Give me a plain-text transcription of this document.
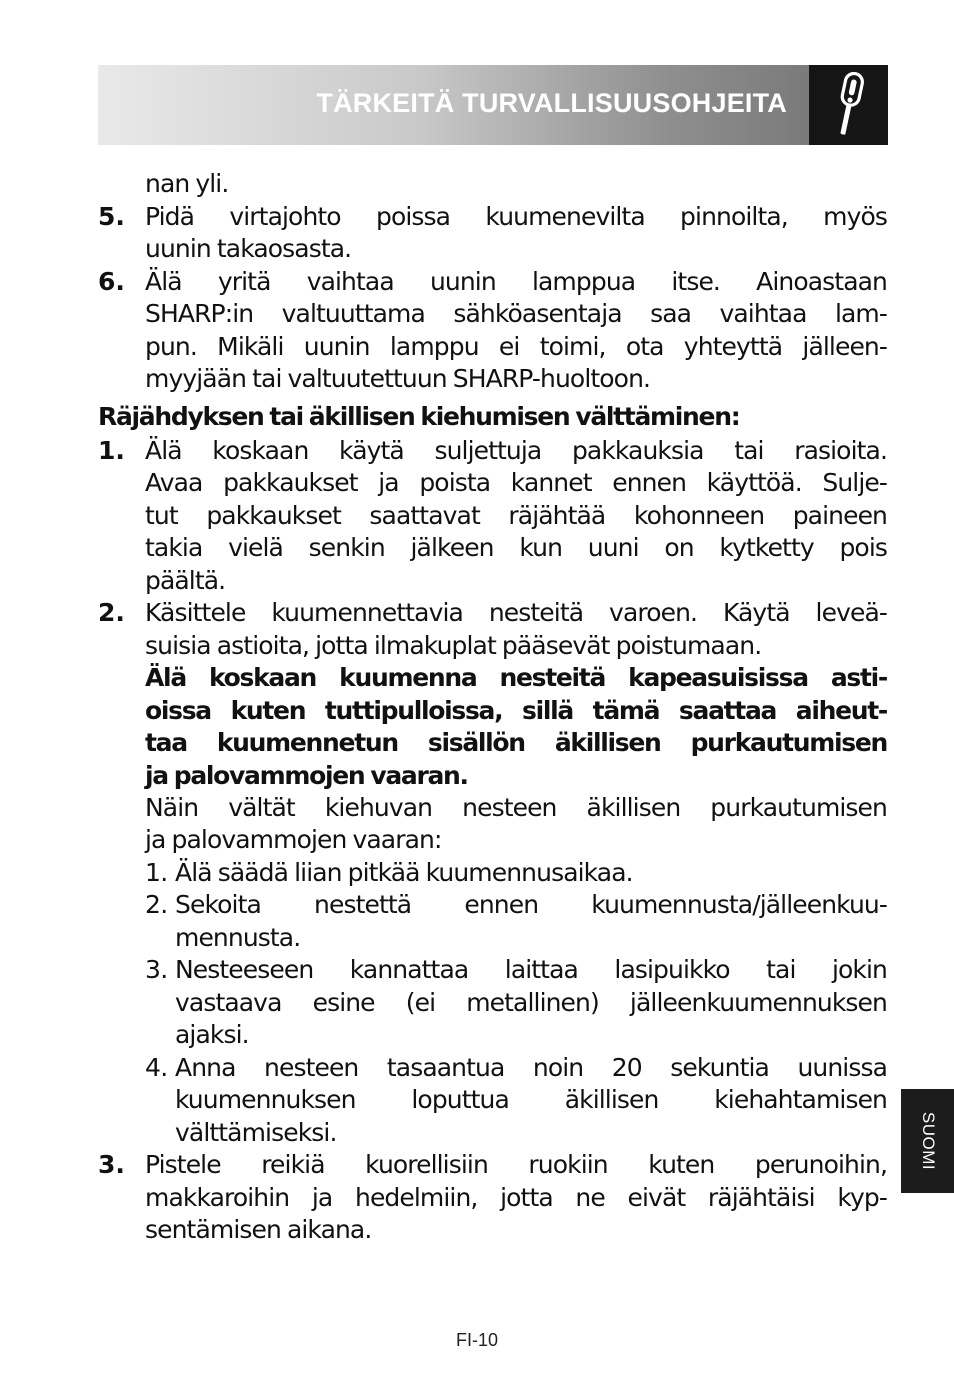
TÄRKEITÄ TURVALLISUUSOHJEITA
nan yli.
5. Pidä virtajohto poissa kuumenevilta pinnoilta, myös
uunin takaosasta.
6. Älä yritä vaihtaa uunin lamppua itse. Ainoastaan
SHARP:in valtuuttama sähköasentaja saa vaihtaa lam-
pun. Mikäli uunin lamppu ei toimi, ota yhteyttä jälleen-
myyjään tai valtuutettuun SHARP-huoltoon.
Räjähdyksen tai äkillisen kiehumisen välttäminen:
1. Älä koskaan käytä suljettuja pakkauksia tai rasioita.
Avaa pakkaukset ja poista kannet ennen käyttöä. Sulje-
tut pakkaukset saattavat räjähtää kohonneen paineen
takia vielä senkin jälkeen kun uuni on kytketty pois
päältä.
2. Käsittele kuumennettavia nesteitä varoen. Käytä leveä-
suisia astioita, jotta ilmakuplat pääsevät poistumaan.
Älä koskaan kuumenna nesteitä kapeasuisissa asti-
oissa kuten tuttipulloissa, sillä tämä saattaa aiheut-
taa kuumennetun sisällön äkillisen purkautumisen
ja palovammojen vaaran.
Näin vältät kiehuvan nesteen äkillisen purkautumisen
ja palovammojen vaaran:
1. Älä säädä liian pitkää kuumennusaikaa.
2. Sekoita nestettä ennen kuumennusta/jälleenkuu-
mennusta.
3. Nesteeseen kannattaa laittaa lasipuikko tai jokin
vastaava esine (ei metallinen) jälleenkuumennuksen
ajaksi.
4. Anna nesteen tasaantua noin 20 sekuntia uunissa
kuumennuksen loputtua äkillisen kiehahtamisen
välttämiseksi.
3. Pistele reikiä kuorellisiin ruokiin kuten perunoihin,
makkaroihin ja hedelmiin, jotta ne eivät räjähtäisi kyp-
sentämisen aikana.
SUOMI
FI-10
